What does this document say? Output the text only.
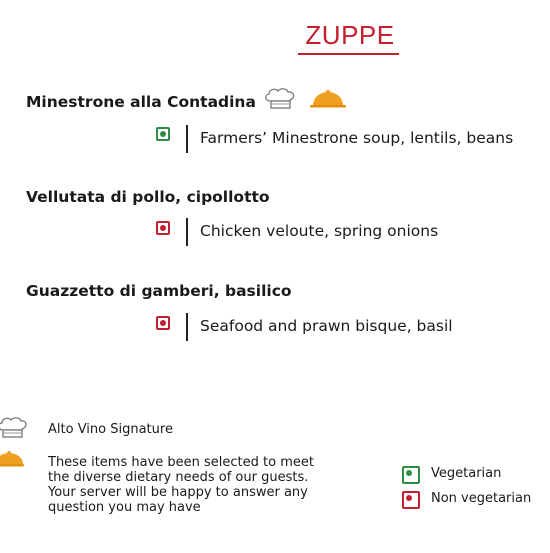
ZUPPE
Minestrone alla Contadina
Farmers’ Minestrone soup, lentils, beans
Vellutata di pollo, cipollotto
Chicken veloute, spring onions
Guazzetto di gamberi, basilico
Seafood and prawn bisque, basil
Alto Vino Signature
These items have been selected to meet
the diverse dietary needs of our guests.
Your server will be happy to answer any
question you may have
Vegetarian
Non vegetarian
